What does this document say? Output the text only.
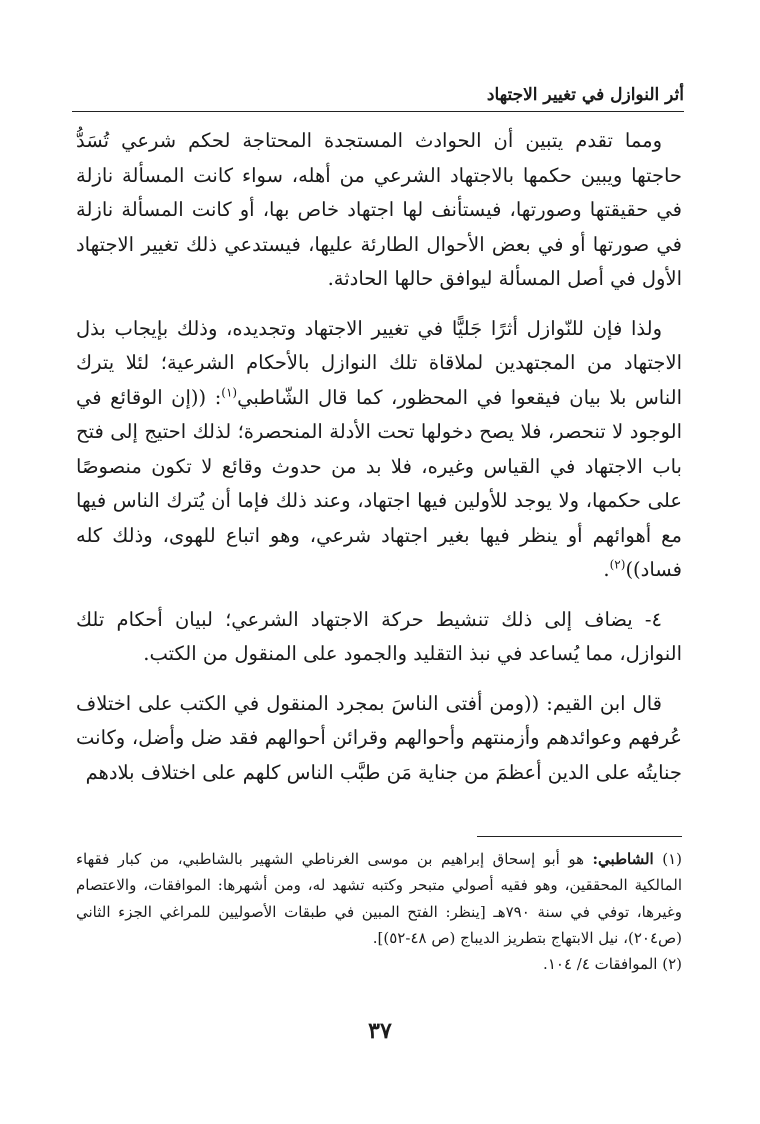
أثر النوازل في تغيير الاجتهاد

ومما تقدم يتبين أن الحوادث المستجدة المحتاجة لحكم شرعي تُسَدُّ حاجتها ويبين حكمها بالاجتهاد الشرعي من أهله، سواء كانت المسألة نازلة في حقيقتها وصورتها، فيستأنف لها اجتهاد خاص بها، أو كانت المسألة نازلة في صورتها أو في بعض الأحوال الطارئة عليها، فيستدعي ذلك تغيير الاجتهاد الأول في أصل المسألة ليوافق حالها الحادثة.

ولذا فإن للنّوازل أثرًا جَليًّا في تغيير الاجتهاد وتجديده، وذلك بإيجاب بذل الاجتهاد من المجتهدين لملاقاة تلك النوازل بالأحكام الشرعية؛ لئلا يترك الناس بلا بيان فيقعوا في المحظور، كما قال الشّاطبي$^{(١)}$: ((إن الوقائع في الوجود لا تنحصر، فلا يصح دخولها تحت الأدلة المنحصرة؛ لذلك احتيج إلى فتح باب الاجتهاد في القياس وغيره، فلا بد من حدوث وقائع لا تكون منصوصًا على حكمها، ولا يوجد للأولين فيها اجتهاد، وعند ذلك فإما أن يُترك الناس فيها مع أهوائهم أو ينظر فيها بغير اجتهاد شرعي، وهو اتباع للهوى، وذلك كله فساد))$^{(٢)}$.

٤- يضاف إلى ذلك تنشيط حركة الاجتهاد الشرعي؛ لبيان أحكام تلك النوازل، مما يُساعد في نبذ التقليد والجمود على المنقول من الكتب.

قال ابن القيم: ((ومن أفتى الناسَ بمجرد المنقول في الكتب على اختلاف عُرفهم وعوائدهم وأزمنتهم وأحوالهم وقرائن أحوالهم فقد ضل وأضل، وكانت جنايتُه على الدين أعظمَ من جناية مَن طبَّب الناس كلهم على اختلاف بلادهم

(١) الشاطبي: هو أبو إسحاق إبراهيم بن موسى الغرناطي الشهير بالشاطبي، من كبار فقهاء المالكية المحققين، وهو فقيه أصولي متبحر وكتبه تشهد له، ومن أشهرها: الموافقات، والاعتصام وغيرها، توفي في سنة ٧٩٠هـ [ينظر: الفتح المبين في طبقات الأصوليين للمراغي الجزء الثاني (ص٢٠٤)، نيل الابتهاج بتطريز الديباج (ص ٤٨-٥٢)].

(٢) الموافقات ٤/ ١٠٤.

٣٧
